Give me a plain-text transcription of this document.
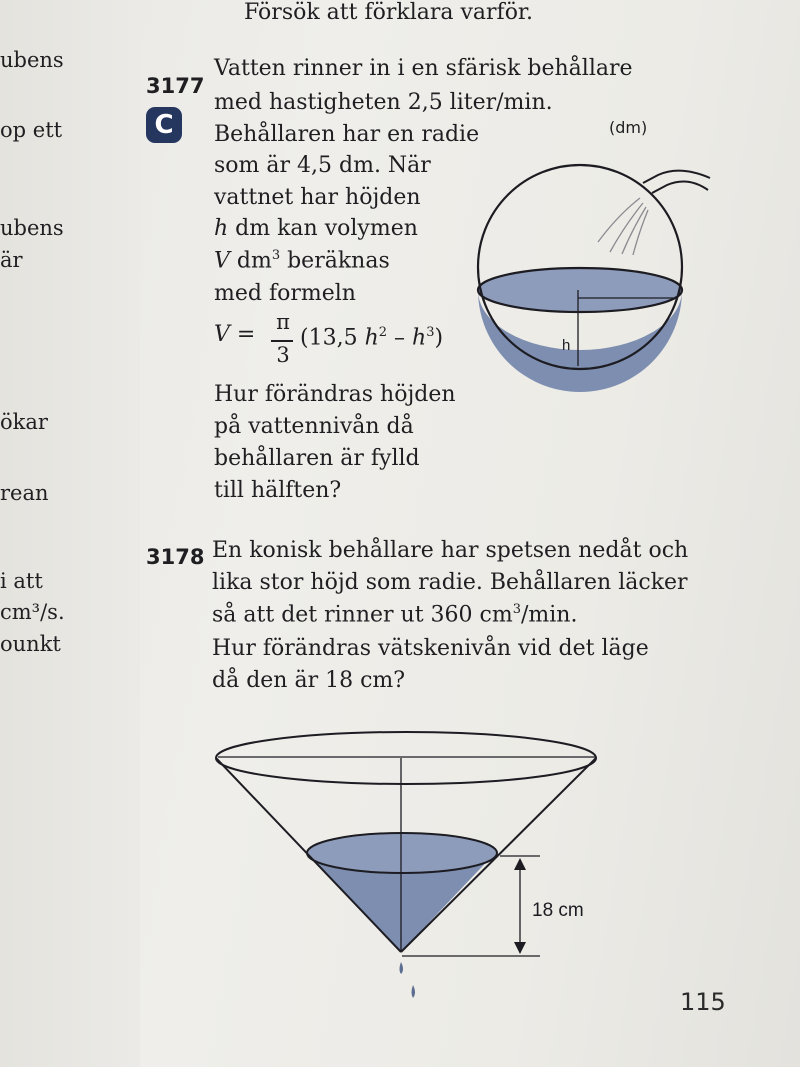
ubens
op ett
ubens
är
ökar
rean
i att
cm³/s.
ounkt
Försök att förklara varför.
3177
C
Vatten rinner in i en sfärisk behållare
med hastigheten 2,5 liter/min.
Behållaren har en radie
som är 4,5 dm. När
vattnet har höjden
h dm kan volymen
V $dm^3$ beräknas
med formeln
V = π
3
(13,5 $h^2 - h^3$)
Hur förändras höjden
på vattennivån då
behållaren är fylld
till hälften?
(dm)
h
3178 En konisk behållare har spetsen nedåt och
lika stor höjd som radie. Behållaren läcker
så att det rinner ut 360 $cm^3/\min$.
Hur förändras vätskenivån vid det läge
då den är 18 cm?
18 cm
115
